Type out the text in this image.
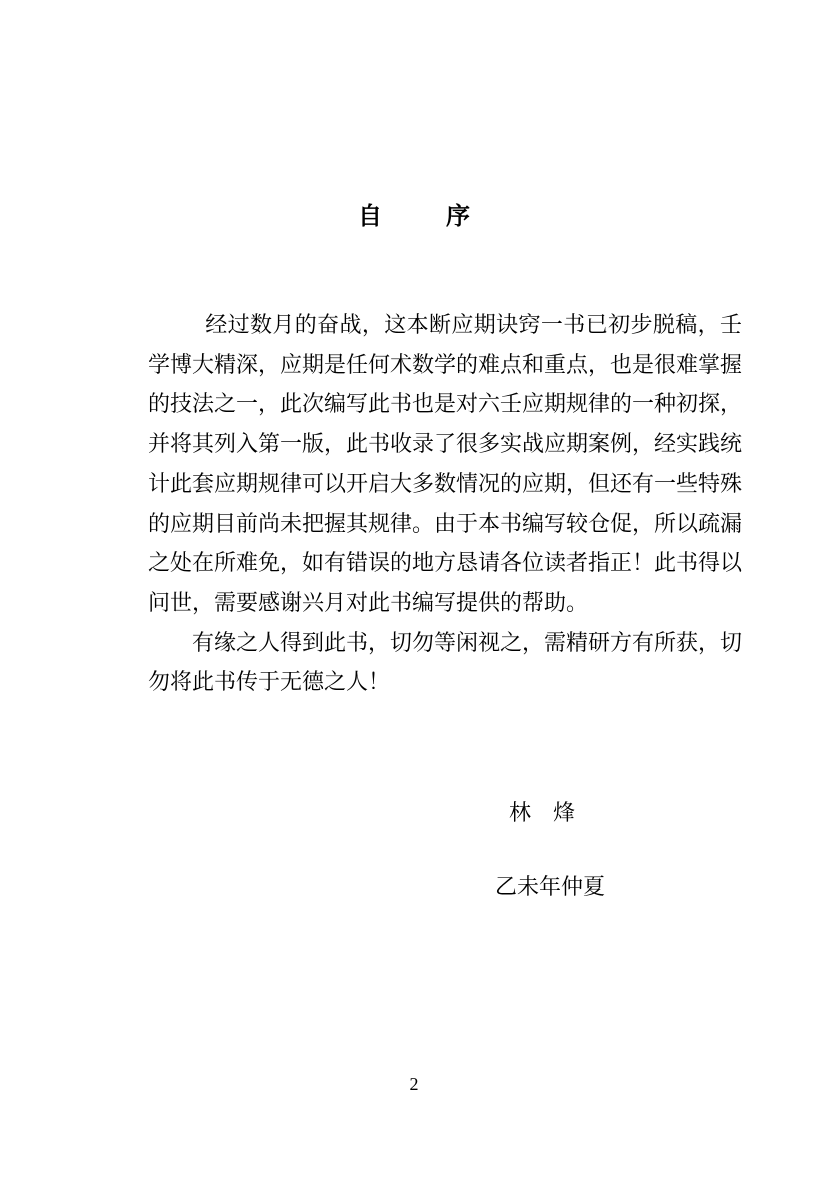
自	序

经过数月的奋战，这本断应期诀窍一书已初步脱稿，壬学博大精深，应期是任何术数学的难点和重点，也是很难掌握的技法之一，此次编写此书也是对六壬应期规律的一种初探，并将其列入第一版，此书收录了很多实战应期案例，经实践统计此套应期规律可以开启大多数情况的应期，但还有一些特殊的应期目前尚未把握其规律。由于本书编写较仓促，所以疏漏之处在所难免，如有错误的地方恳请各位读者指正！此书得以问世，需要感谢兴月对此书编写提供的帮助。

有缘之人得到此书，切勿等闲视之，需精研方有所获，切勿将此书传于无德之人！

林 烽

乙未年仲夏

2
